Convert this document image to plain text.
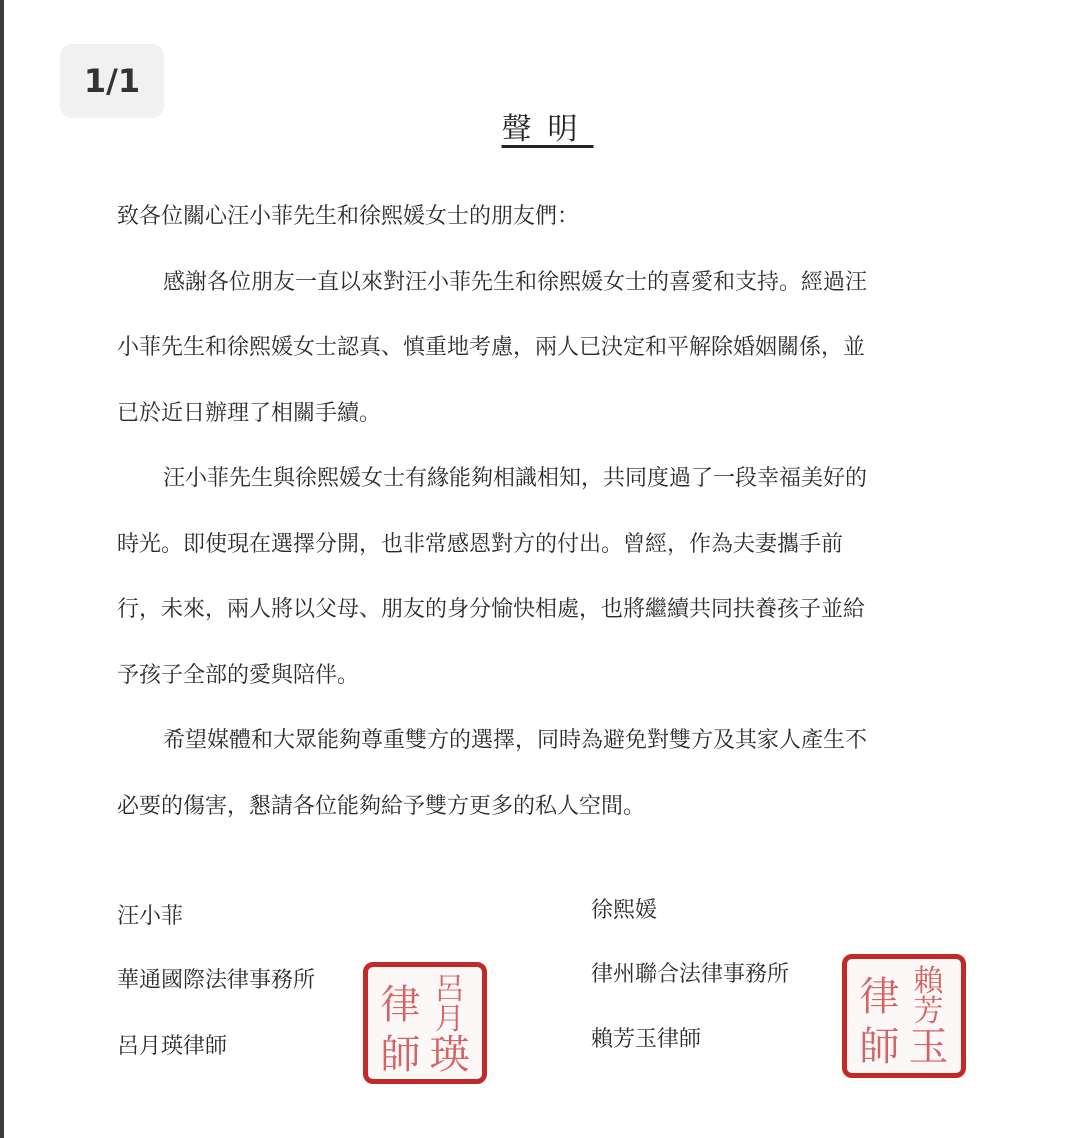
1/1
聲明
致各位關心汪小菲先生和徐熙媛女士的朋友們：
感謝各位朋友一直以來對汪小菲先生和徐熙媛女士的喜愛和支持。經過汪
小菲先生和徐熙媛女士認真、慎重地考慮，兩人已決定和平解除婚姻關係，並
已於近日辦理了相關手續。
汪小菲先生與徐熙媛女士有緣能夠相識相知，共同度過了一段幸福美好的
時光。即使現在選擇分開，也非常感恩對方的付出。曾經，作為夫妻攜手前
行，未來，兩人將以父母、朋友的身分愉快相處，也將繼續共同扶養孩子並給
予孩子全部的愛與陪伴。
希望媒體和大眾能夠尊重雙方的選擇，同時為避免對雙方及其家人產生不
必要的傷害，懇請各位能夠給予雙方更多的私人空間。
汪小菲
華通國際法律事務所
呂月瑛律師
律 呂月
師 瑛
徐熙媛
律州聯合法律事務所
賴芳玉律師
律 賴芳
師 玉
